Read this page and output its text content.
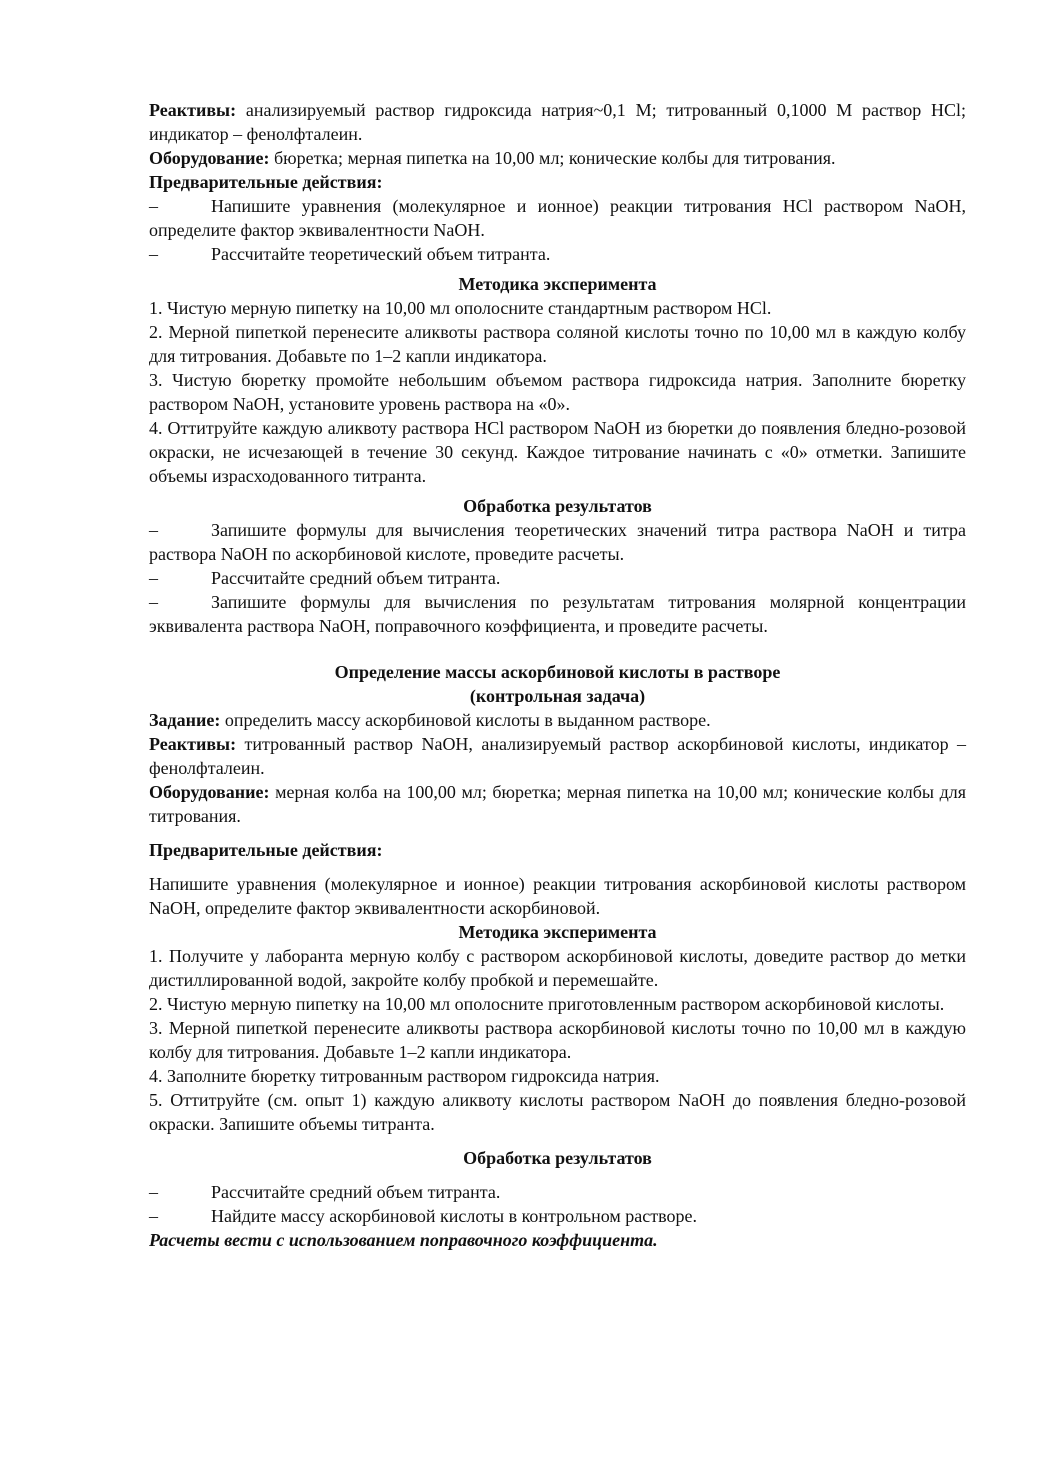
Реактивы: анализируемый раствор гидроксида натрия~0,1 М; титрованный 0,1000 М раствор HCl; индикатор – фенолфталеин.

Оборудование: бюретка; мерная пипетка на 10,00 мл; конические колбы для титрования.

Предварительные действия:

–	Напишите уравнения (молекулярное и ионное) реакции титрования HCl раствором NaOH, определите фактор эквивалентности NaOH.

–	Рассчитайте теоретический объем титранта.

Методика эксперимента

1. Чистую мерную пипетку на 10,00 мл ополосните стандартным раствором HCl.

2. Мерной пипеткой перенесите аликвоты раствора соляной кислоты точно по 10,00 мл в каждую колбу для титрования. Добавьте по 1–2 капли индикатора.

3. Чистую бюретку промойте небольшим объемом раствора гидроксида натрия. Заполните бюретку раствором NaOH, установите уровень раствора на «0».

4. Оттитруйте каждую аликвоту раствора HCl раствором NaOH из бюретки до появления бледно-розовой окраски, не исчезающей в течение 30 секунд. Каждое титрование начинать с «0» отметки. Запишите объемы израсходованного титранта.

Обработка результатов

–	Запишите формулы для вычисления теоретических значений титра раствора NaOH и титра раствора NaOH по аскорбиновой кислоте, проведите расчеты.

–	Рассчитайте средний объем титранта.

–	Запишите формулы для вычисления по результатам титрования молярной концентрации эквивалента раствора NaOH, поправочного коэффициента, и проведите расчеты.

Определение массы аскорбиновой кислоты в растворе

(контрольная задача)

Задание: определить массу аскорбиновой кислоты в выданном растворе.

Реактивы: титрованный раствор NaOH, анализируемый раствор аскорбиновой кислоты, индикатор – фенолфталеин.

Оборудование: мерная колба на 100,00 мл; бюретка; мерная пипетка на 10,00 мл; конические колбы для титрования.

Предварительные действия:

Напишите уравнения (молекулярное и ионное) реакции титрования аскорбиновой кислоты раствором NaOH, определите фактор эквивалентности аскорбиновой.

Методика эксперимента

1. Получите у лаборанта мерную колбу с раствором аскорбиновой кислоты, доведите раствор до метки дистиллированной водой, закройте колбу пробкой и перемешайте.

2. Чистую мерную пипетку на 10,00 мл ополосните приготовленным раствором аскорбиновой кислоты.

3. Мерной пипеткой перенесите аликвоты раствора аскорбиновой кислоты точно по 10,00 мл в каждую колбу для титрования. Добавьте 1–2 капли индикатора.

4. Заполните бюретку титрованным раствором гидроксида натрия.

5. Оттитруйте (см. опыт 1) каждую аликвоту кислоты раствором NaOH до появления бледно-розовой окраски. Запишите объемы титранта.

Обработка результатов

–	Рассчитайте средний объем титранта.

–	Найдите массу аскорбиновой кислоты в контрольном растворе.

Расчеты вести с использованием поправочного коэффициента.
